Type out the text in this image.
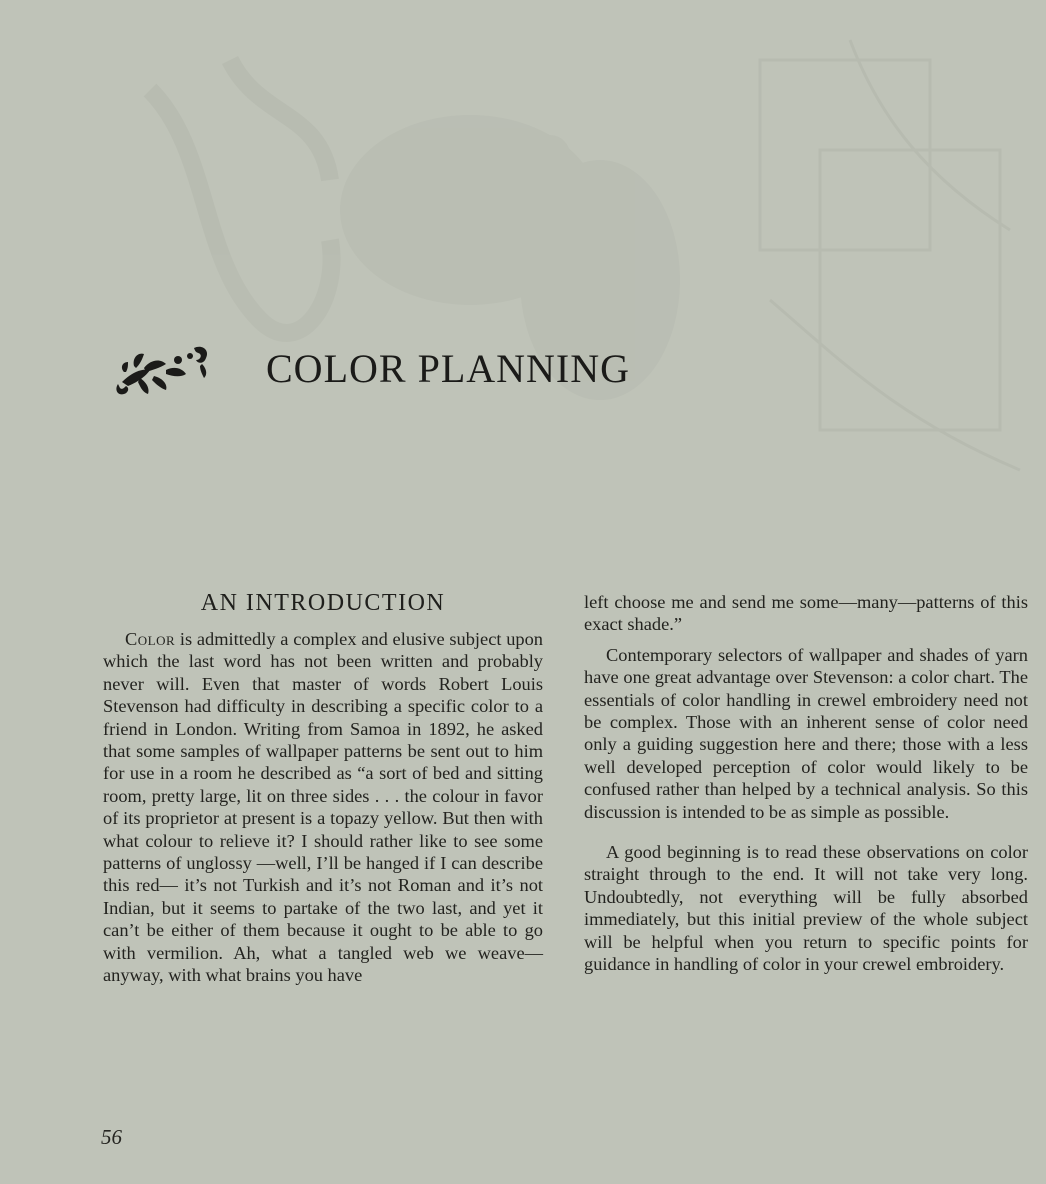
COLOR PLANNING
AN INTRODUCTION

Color is admittedly a complex and elusive subject upon which the last word has not been written and probably never will. Even that master of words Robert Louis Stevenson had difficulty in describing a specific color to a friend in London. Writing from Samoa in 1892, he asked that some samples of wallpaper patterns be sent out to him for use in a room he described as “a sort of bed and sitting room, pretty large, lit on three sides . . . the colour in favor of its proprietor at present is a topazy yellow. But then with what colour to relieve it? I should rather like to see some patterns of unglossy —well, I’ll be hanged if I can describe this red— it’s not Turkish and it’s not Roman and it’s not Indian, but it seems to partake of the two last, and yet it can’t be either of them because it ought to be able to go with vermilion. Ah, what a tangled web we weave—anyway, with what brains you have

left choose me and send me some—many—patterns of this exact shade.”

Contemporary selectors of wallpaper and shades of yarn have one great advantage over Stevenson: a color chart. The essentials of color handling in crewel embroidery need not be complex. Those with an inherent sense of color need only a guiding suggestion here and there; those with a less well developed perception of color would likely to be confused rather than helped by a technical analysis. So this discussion is intended to be as simple as possible.

A good beginning is to read these observations on color straight through to the end. It will not take very long. Undoubtedly, not everything will be fully absorbed immediately, but this initial preview of the whole subject will be helpful when you return to specific points for guidance in handling of color in your crewel embroidery.

56
